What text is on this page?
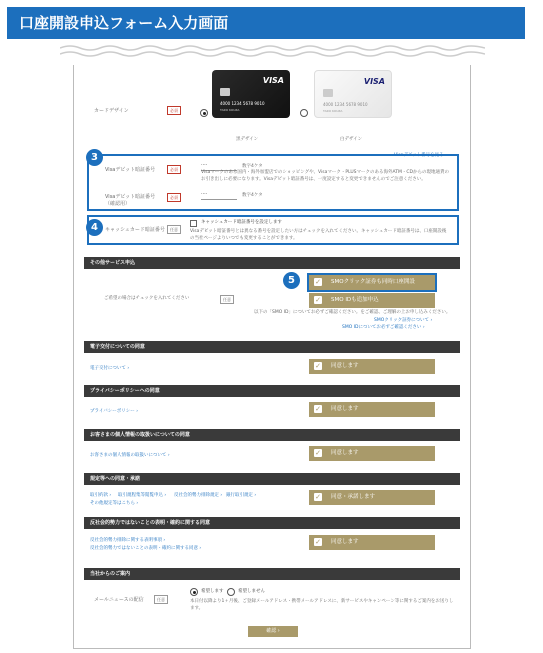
口座開設申込フォーム入力画面
カードデザイン	必須
VISA
4000 1234 5678 9010
TARO KOUZA
黒デザイン
VISA
4000 1234 5678 9010
TARO KOUZA
白デザイン
Visaデビット暗証番号	必須
····	数字4ケタ
Visaデビット番号を見る
Visaマークのある国内・海外加盟店でのショッピングや、Visaマーク・PLUSマークのある海外ATM・CDからの現地通貨のお引き出しに必要になります。Visaデビット暗証番号は、一度設定すると変更できませんのでご注意ください。
Visaデビット暗証番号（確認用）
必須
····	数字4ケタ
3
キャッシュカード暗証番号	任意
キャッシュカード暗証番号を設定します
Visaデビット暗証番号とは異なる番号を設定したい方はチェックを入れてください。キャッシュカード暗証番号は、口座開設後の当社ページよりいつでも変更することができます。
4
その他サービス申込
ご希望の場合はチェックを入れてください	任意
✓ SMOクリック証券も同時口座開設
5
✓ SMO IDも追加申込
以下の「SMO ID」についてお必ずご確認ください。をご確認、ご理解の上お申し込みください。
SMOクリック証券について ›
SMO IDについてお必ずご確認ください ›
電子交付についての同意
電子交付について ›	✓ 同意します
プライバシーポリシーへの同意
プライバシーポリシー ›	✓ 同意します
お客さまの個人情報の取扱いについての同意
お客さまの個人情報の取扱いについて ›	✓ 同意します
規定等への同意・承諾
取引約款 › 取引規程集等閲覧申込 › 反社会的勢力排除規定 › 銀行取引規定 ›
その他規定等はこちら ›
✓ 同意・承諾します
反社会的勢力ではないことの表明・確約に関する同意
反社会的勢力排除に関する表明事項 ›
反社会的勢力ではないことの表明・確約に関する同意 ›
✓ 同意します
当社からのご案内
メールニュースの配信	任意
希望します	希望しません
本日付以降より1ヶ月後、ご登録メールアドレス・携帯メールアドレスに、新サービスやキャンペーン等に関するご案内をお送りします。
確認 ›
